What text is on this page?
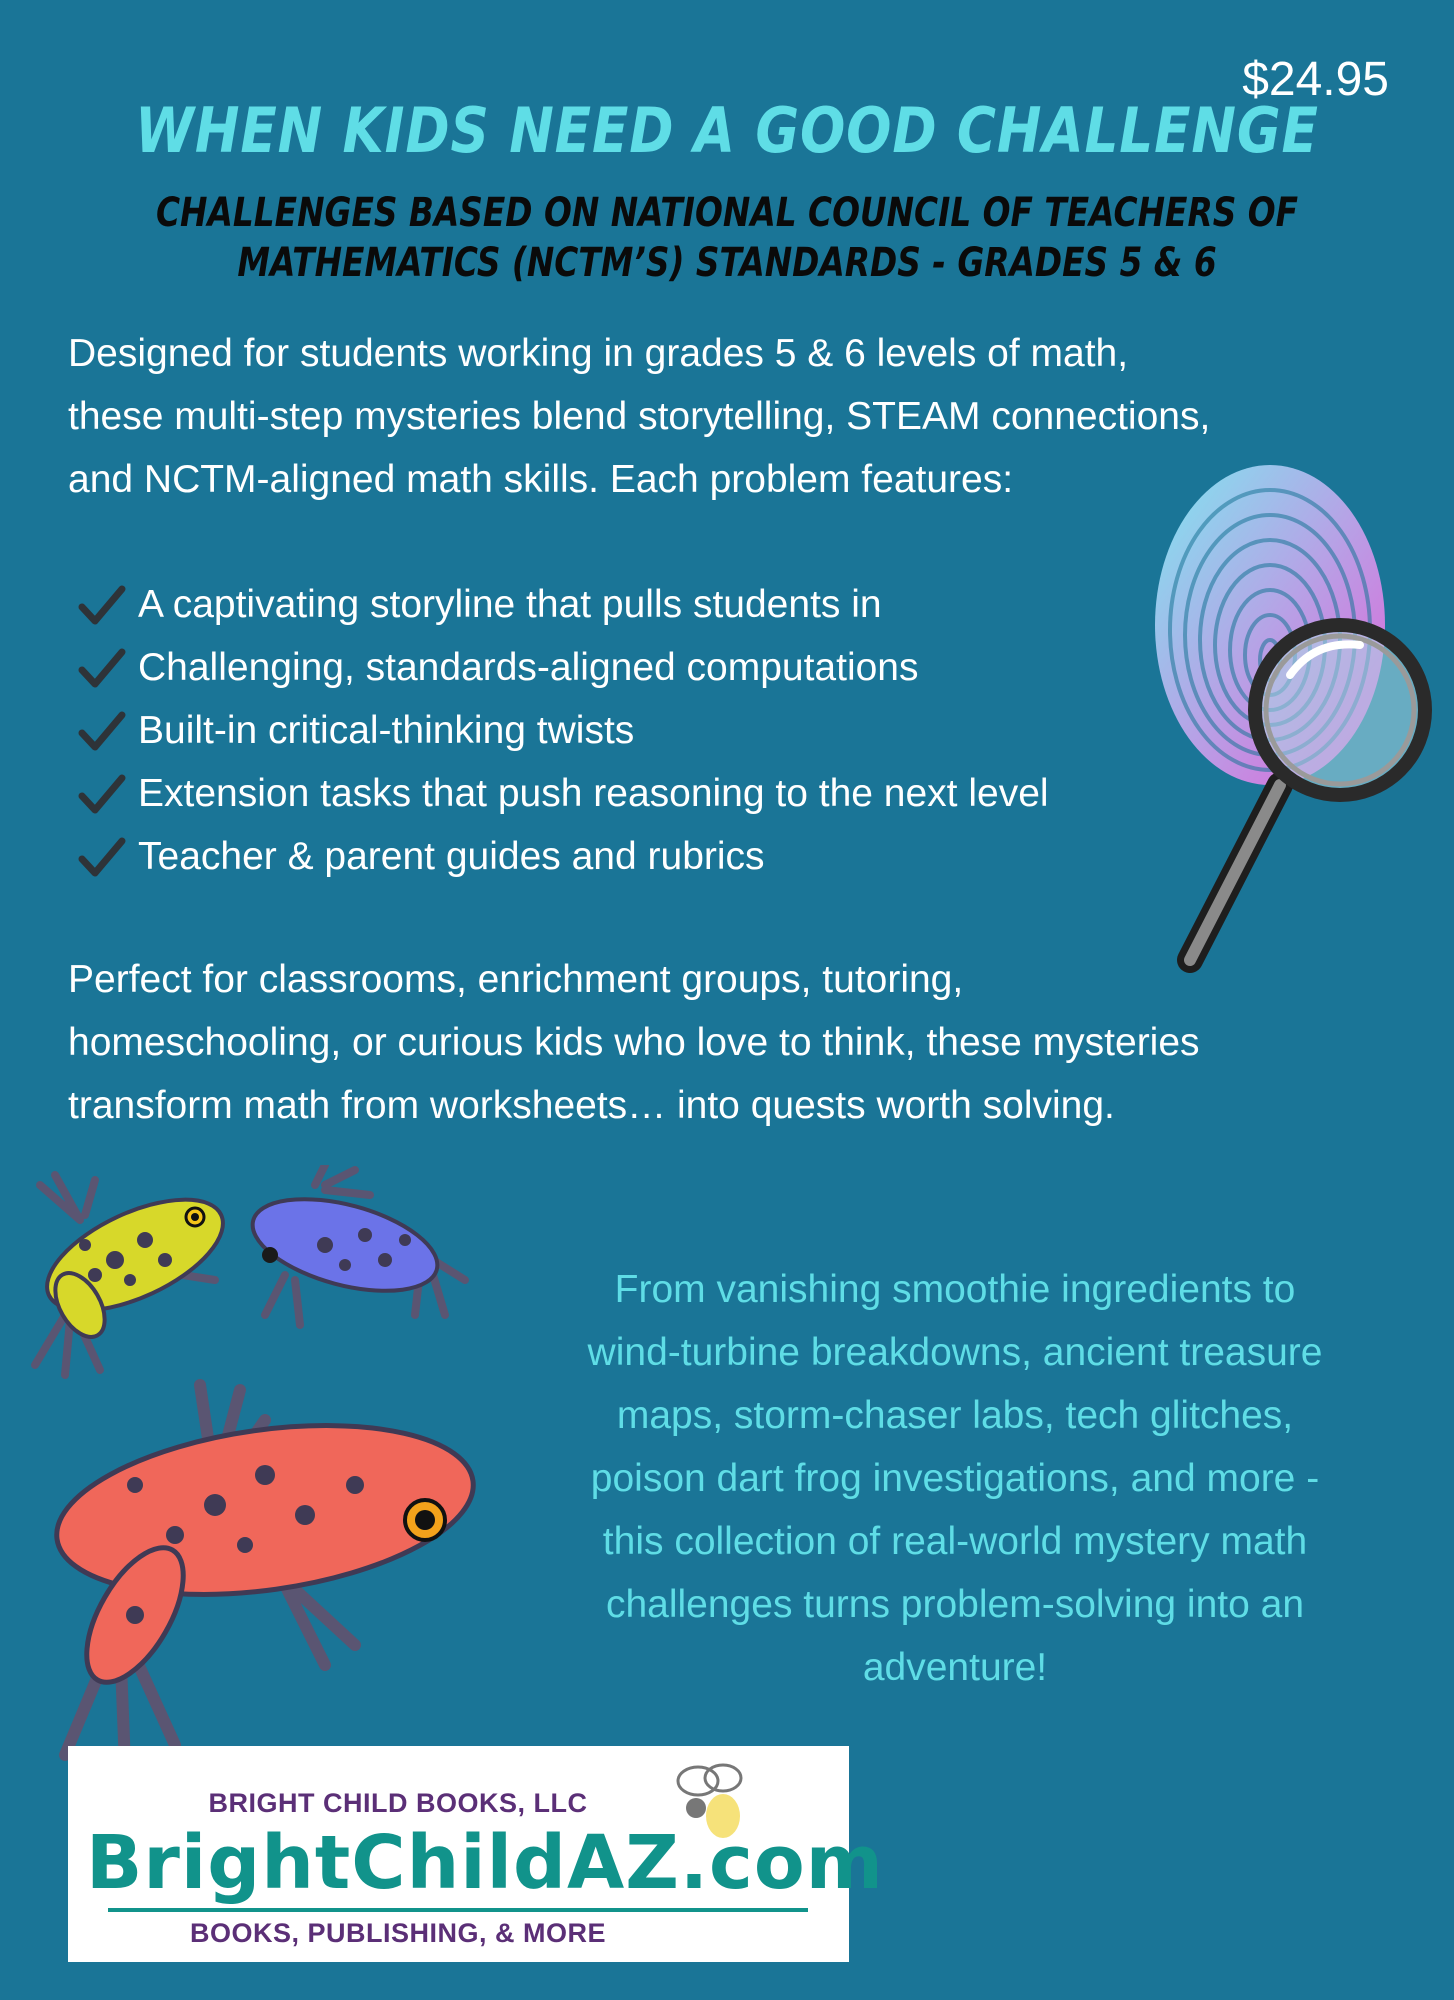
$24.95
WHEN KIDS NEED A GOOD CHALLENGE
CHALLENGES BASED ON NATIONAL COUNCIL OF TEACHERS OF
MATHEMATICS (NCTM’S) STANDARDS - GRADES 5 & 6
Designed for students working in grades 5 & 6 levels of math,
these multi-step mysteries blend storytelling, STEAM connections,
and NCTM-aligned math skills. Each problem features:
A captivating storyline that pulls students in
Challenging, standards-aligned computations
Built-in critical-thinking twists
Extension tasks that push reasoning to the next level
Teacher & parent guides and rubrics
Perfect for classrooms, enrichment groups, tutoring,
homeschooling, or curious kids who love to think, these mysteries
transform math from worksheets… into quests worth solving.
From vanishing smoothie ingredients to
wind-turbine breakdowns, ancient treasure
maps, storm-chaser labs, tech glitches,
poison dart frog investigations, and more -
this collection of real-world mystery math
challenges turns problem-solving into an
adventure!
BRIGHT CHILD BOOKS, LLC
BrightChildAZ.com
BOOKS, PUBLISHING, & MORE
